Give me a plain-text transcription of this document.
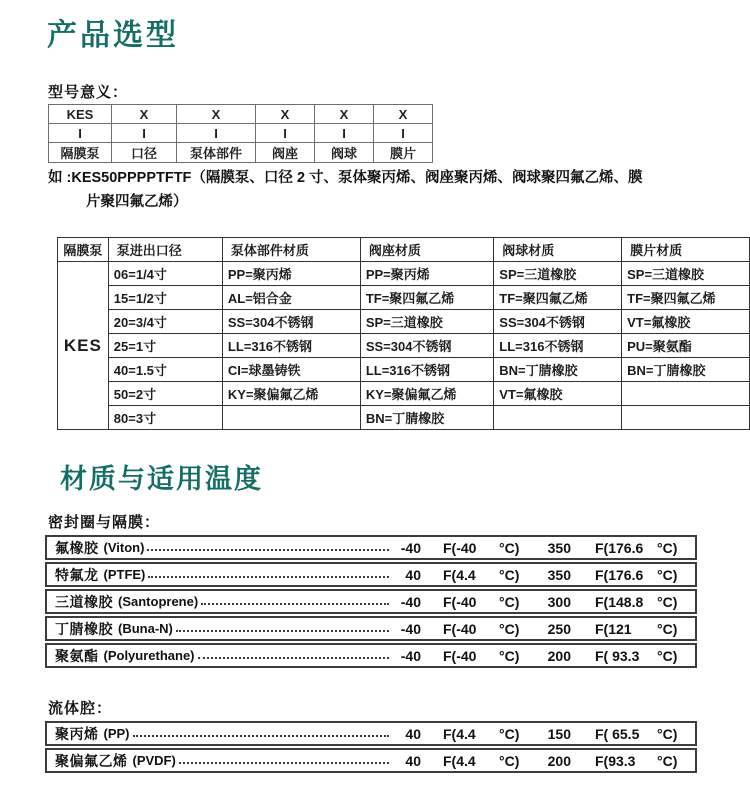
产品选型
型号意义：
KES	X	X	X	X	X
I	I	I	I	I	I
隔膜泵	口径	泵体部件	阀座	阀球	膜片
如 :KES50PPPPTFTF（隔膜泵、口径 2 寸、泵体聚丙烯、阀座聚丙烯、阀球聚四氟乙烯、膜
片聚四氟乙烯）
隔膜泵	泵进出口径	泵体部件材质	阀座材质	阀球材质	膜片材质
KES	06=1/4寸	PP=聚丙烯	PP=聚丙烯	SP=三道橡胶	SP=三道橡胶
	15=1/2寸	AL=铝合金	TF=聚四氟乙烯	TF=聚四氟乙烯	TF=聚四氟乙烯
	20=3/4寸	SS=304不锈钢	SP=三道橡胶	SS=304不锈钢	VT=氟橡胶
	25=1寸	LL=316不锈钢	SS=304不锈钢	LL=316不锈钢	PU=聚氨酯
	40=1.5寸	CI=球墨铸铁	LL=316不锈钢	BN=丁腈橡胶	BN=丁腈橡胶
	50=2寸	KY=聚偏氟乙烯	KY=聚偏氟乙烯	VT=氟橡胶	
	80=3寸		BN=丁腈橡胶		
材质与适用温度
密封圈与隔膜：
氟橡胶 (Viton)	-40 F(-40	°C)	350 F(176.6 °C)
特氟龙 (PTFE)	40 F(4.4	°C)	350 F(176.6 °C)
三道橡胶 (Santoprene)	-40 F(-40	°C)	300 F(148.8 °C)
丁腈橡胶 (Buna-N)	-40 F(-40	°C)	250 F(121	°C)
聚氨酯 (Polyurethane)	-40 F(-40	°C)	200 F( 93.3	°C)
流体腔：
聚丙烯 (PP)	40 F(4.4	°C)	150 F( 65.5	°C)
聚偏氟乙烯 (PVDF)	40 F(4.4	°C)	200 F(93.3	°C)
